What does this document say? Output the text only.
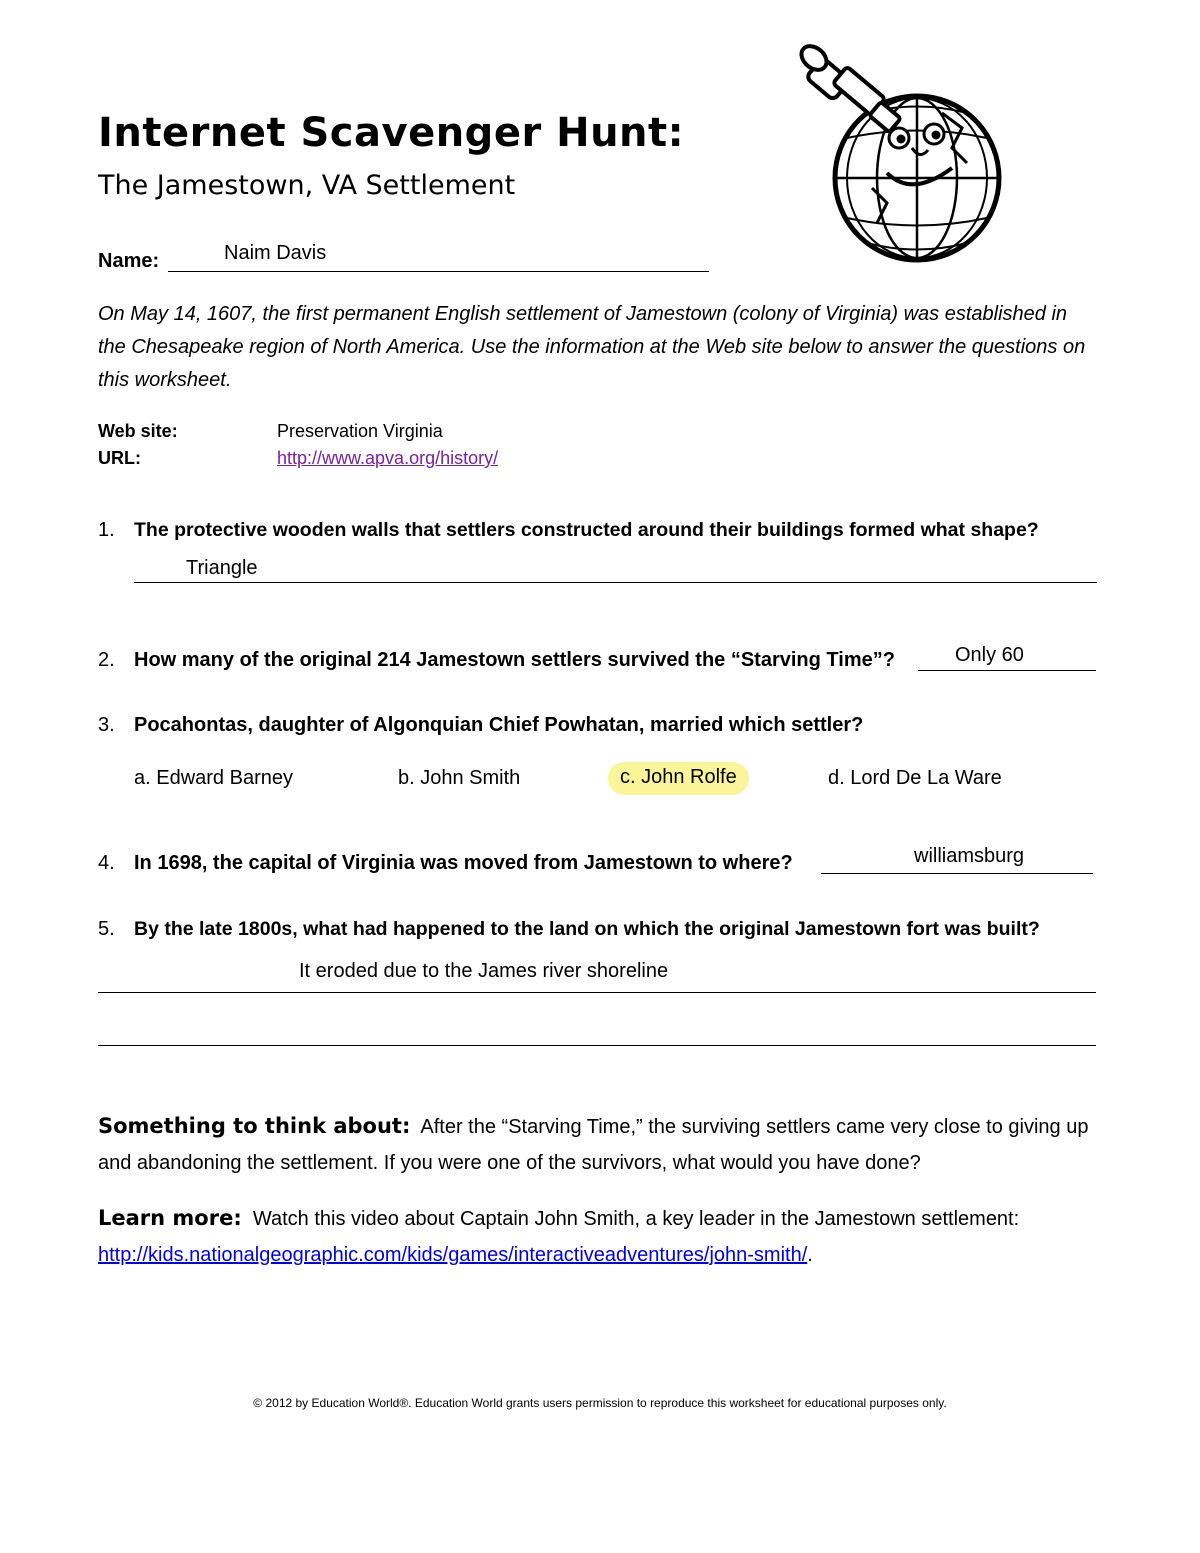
Internet Scavenger Hunt:
The Jamestown, VA Settlement
Name:	Naim Davis
On May 14, 1607, the first permanent English settlement of Jamestown (colony of Virginia) was established in the Chesapeake region of North America. Use the information at the Web site below to answer the questions on this worksheet.
Web site:	Preservation Virginia
URL:	http://www.apva.org/history/
1. The protective wooden walls that settlers constructed around their buildings formed what shape?
Triangle
2. How many of the original 214 Jamestown settlers survived the “Starving Time”?	Only 60
3. Pocahontas, daughter of Algonquian Chief Powhatan, married which settler?
a. Edward Barney	b. John Smith	c. John Rolfe	d. Lord De La Ware
4. In 1698, the capital of Virginia was moved from Jamestown to where?	williamsburg
5. By the late 1800s, what had happened to the land on which the original Jamestown fort was built?
It eroded due to the James river shoreline
Something to think about: After the “Starving Time,” the surviving settlers came very close to giving up and abandoning the settlement. If you were one of the survivors, what would you have done?
Learn more: Watch this video about Captain John Smith, a key leader in the Jamestown settlement:
http://kids.nationalgeographic.com/kids/games/interactiveadventures/john-smith/.
© 2012 by Education World®. Education World grants users permission to reproduce this worksheet for educational purposes only.
